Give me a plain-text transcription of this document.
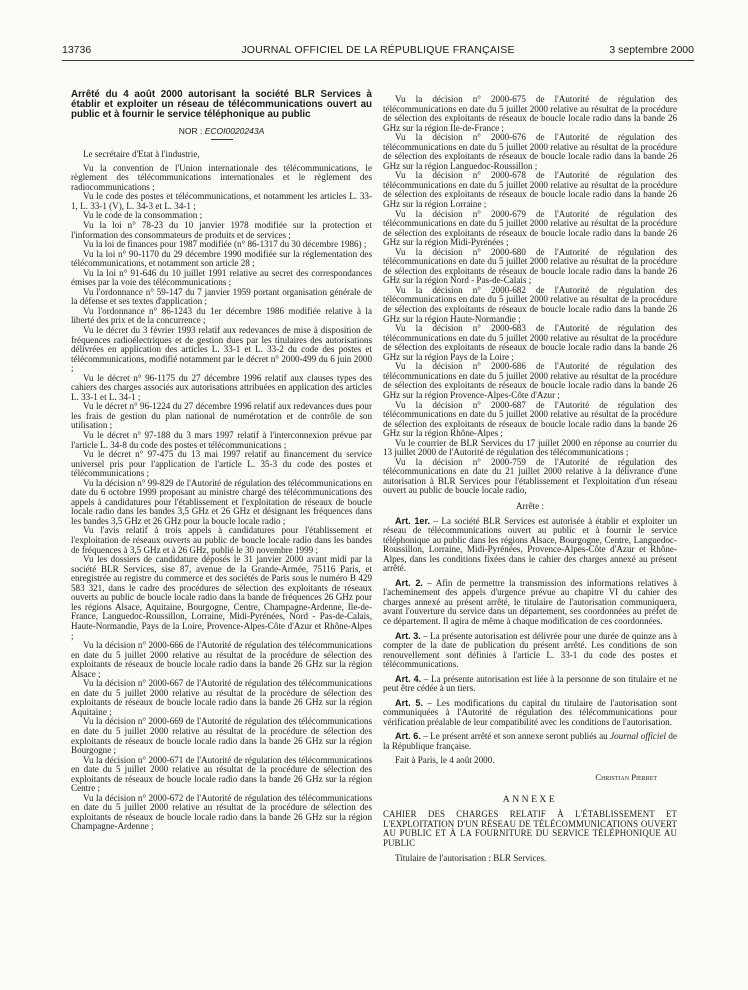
13736	JOURNAL OFFICIEL DE LA RÉPUBLIQUE FRANÇAISE	3 septembre 2000

Arrêté du 4 août 2000 autorisant la société BLR Services à établir et exploiter un réseau de télécommunications ouvert au public et à fournir le service téléphonique au public

NOR : ECOI0020243A

Le secrétaire d'Etat à l'industrie,

Vu la convention de l'Union internationale des télécommunications, le règlement des télécommunications internationales et le règlement des radiocommunications ;

Vu le code des postes et télécommunications, et notamment les articles L. 33-1, L. 33-1 (V), L. 34-3 et L. 34-1 ;

Vu le code de la consommation ;

Vu la loi n° 78-23 du 10 janvier 1978 modifiée sur la protection et l'information des consommateurs de produits et de services ;

Vu la loi de finances pour 1987 modifiée (n° 86-1317 du 30 décembre 1986) ;

Vu la loi n° 90-1170 du 29 décembre 1990 modifiée sur la réglementation des télécommunications, et notamment son article 28 ;

Vu la loi n° 91-646 du 10 juillet 1991 relative au secret des correspondances émises par la voie des télécommunications ;

Vu l'ordonnance n° 59-147 du 7 janvier 1959 portant organisation générale de la défense et ses textes d'application ;

Vu l'ordonnance n° 86-1243 du 1er décembre 1986 modifiée relative à la liberté des prix et de la concurrence ;

Vu le décret du 3 février 1993 relatif aux redevances de mise à disposition de fréquences radioélectriques et de gestion dues par les titulaires des autorisations délivrées en application des articles L. 33-1 et L. 33-2 du code des postes et télécommunications, modifié notamment par le décret n° 2000-499 du 6 juin 2000 ;

Vu le décret n° 96-1175 du 27 décembre 1996 relatif aux clauses types des cahiers des charges associés aux autorisations attribuées en application des articles L. 33-1 et L. 34-1 ;

Vu le décret n° 96-1224 du 27 décembre 1996 relatif aux redevances dues pour les frais de gestion du plan national de numérotation et de contrôle de son utilisation ;

Vu le décret n° 97-188 du 3 mars 1997 relatif à l'interconnexion prévue par l'article L. 34-8 du code des postes et télécommunications ;

Vu le décret n° 97-475 du 13 mai 1997 relatif au financement du service universel pris pour l'application de l'article L. 35-3 du code des postes et télécommunications ;

Vu la décision n° 99-829 de l'Autorité de régulation des télécommunications en date du 6 octobre 1999 proposant au ministre chargé des télécommunications des appels à candidatures pour l'établissement et l'exploitation de réseaux de boucle locale radio dans les bandes 3,5 GHz et 26 GHz et désignant les fréquences dans les bandes 3,5 GHz et 26 GHz pour la boucle locale radio ;

Vu l'avis relatif à trois appels à candidatures pour l'établissement et l'exploitation de réseaux ouverts au public de boucle locale radio dans les bandes de fréquences à 3,5 GHz et à 26 GHz, publié le 30 novembre 1999 ;

Vu les dossiers de candidature déposés le 31 janvier 2000 avant midi par la société BLR Services, sise 87, avenue de la Grande-Armée, 75116 Paris, et enregistrée au registre du commerce et des sociétés de Paris sous le numéro B 429 583 321, dans le cadre des procédures de sélection des exploitants de réseaux ouverts au public de boucle locale radio dans la bande de fréquences 26 GHz pour les régions Alsace, Aquitaine, Bourgogne, Centre, Champagne-Ardenne, Ile-de-France, Languedoc-Roussillon, Lorraine, Midi-Pyrénées, Nord - Pas-de-Calais, Haute-Normandie, Pays de la Loire, Provence-Alpes-Côte d'Azur et Rhône-Alpes ;

Vu la décision n° 2000-666 de l'Autorité de régulation des télécommunications en date du 5 juillet 2000 relative au résultat de la procédure de sélection des exploitants de réseaux de boucle locale radio dans la bande 26 GHz sur la région Alsace ;

Vu la décision n° 2000-667 de l'Autorité de régulation des télécommunications en date du 5 juillet 2000 relative au résultat de la procédure de sélection des exploitants de réseaux de boucle locale radio dans la bande 26 GHz sur la région Aquitaine ;

Vu la décision n° 2000-669 de l'Autorité de régulation des télécommunications en date du 5 juillet 2000 relative au résultat de la procédure de sélection des exploitants de réseaux de boucle locale radio dans la bande 26 GHz sur la région Bourgogne ;

Vu la décision n° 2000-671 de l'Autorité de régulation des télécommunications en date du 5 juillet 2000 relative au résultat de la procédure de sélection des exploitants de réseaux de boucle locale radio dans la bande 26 GHz sur la région Centre ;

Vu la décision n° 2000-672 de l'Autorité de régulation des télécommunications en date du 5 juillet 2000 relative au résultat de la procédure de sélection des exploitants de réseaux de boucle locale radio dans la bande 26 GHz sur la région Champagne-Ardenne ;

Vu la décision n° 2000-675 de l'Autorité de régulation des télécommunications en date du 5 juillet 2000 relative au résultat de la procédure de sélection des exploitants de réseaux de boucle locale radio dans la bande 26 GHz sur la région Ile-de-France ;

Vu la décision n° 2000-676 de l'Autorité de régulation des télécommunications en date du 5 juillet 2000 relative au résultat de la procédure de sélection des exploitants de réseaux de boucle locale radio dans la bande 26 GHz sur la région Languedoc-Roussillon ;

Vu la décision n° 2000-678 de l'Autorité de régulation des télécommunications en date du 5 juillet 2000 relative au résultat de la procédure de sélection des exploitants de réseaux de boucle locale radio dans la bande 26 GHz sur la région Lorraine ;

Vu la décision n° 2000-679 de l'Autorité de régulation des télécommunications en date du 5 juillet 2000 relative au résultat de la procédure de sélection des exploitants de réseaux de boucle locale radio dans la bande 26 GHz sur la région Midi-Pyrénées ;

Vu la décision n° 2000-680 de l'Autorité de régulation des télécommunications en date du 5 juillet 2000 relative au résultat de la procédure de sélection des exploitants de réseaux de boucle locale radio dans la bande 26 GHz sur la région Nord - Pas-de-Calais ;

Vu la décision n° 2000-682 de l'Autorité de régulation des télécommunications en date du 5 juillet 2000 relative au résultat de la procédure de sélection des exploitants de réseaux de boucle locale radio dans la bande 26 GHz sur la région Haute-Normandie ;

Vu la décision n° 2000-683 de l'Autorité de régulation des télécommunications en date du 5 juillet 2000 relative au résultat de la procédure de sélection des exploitants de réseaux de boucle locale radio dans la bande 26 GHz sur la région Pays de la Loire ;

Vu la décision n° 2000-686 de l'Autorité de régulation des télécommunications en date du 5 juillet 2000 relative au résultat de la procédure de sélection des exploitants de réseaux de boucle locale radio dans la bande 26 GHz sur la région Provence-Alpes-Côte d'Azur ;

Vu la décision n° 2000-687 de l'Autorité de régulation des télécommunications en date du 5 juillet 2000 relative au résultat de la procédure de sélection des exploitants de réseaux de boucle locale radio dans la bande 26 GHz sur la région Rhône-Alpes ;

Vu le courrier de BLR Services du 17 juillet 2000 en réponse au courrier du 13 juillet 2000 de l'Autorité de régulation des télécommunications ;

Vu la décision n° 2000-759 de l'Autorité de régulation des télécommunications en date du 21 juillet 2000 relative à la délivrance d'une autorisation à BLR Services pour l'établissement et l'exploitation d'un réseau ouvert au public de boucle locale radio,

Arrête :

Art. 1er. – La société BLR Services est autorisée à établir et exploiter un réseau de télécommunications ouvert au public et à fournir le service téléphonique au public dans les régions Alsace, Bourgogne, Centre, Languedoc-Roussillon, Lorraine, Midi-Pyrénées, Provence-Alpes-Côte d'Azur et Rhône-Alpes, dans les conditions fixées dans le cahier des charges annexé au présent arrêté.

Art. 2. – Afin de permettre la transmission des informations relatives à l'acheminement des appels d'urgence prévue au chapitre VI du cahier des charges annexé au présent arrêté, le titulaire de l'autorisation communiquera, avant l'ouverture du service dans un département, ses coordonnées au préfet de ce département. Il agira de même à chaque modification de ces coordonnées.

Art. 3. – La présente autorisation est délivrée pour une durée de quinze ans à compter de la date de publication du présent arrêté. Les conditions de son renouvellement sont définies à l'article L. 33-1 du code des postes et télécommunications.

Art. 4. – La présente autorisation est liée à la personne de son titulaire et ne peut être cédée à un tiers.

Art. 5. – Les modifications du capital du titulaire de l'autorisation sont communiquées à l'Autorité de régulation des télécommunications pour vérification préalable de leur compatibilité avec les conditions de l'autorisation.

Art. 6. – Le présent arrêté et son annexe seront publiés au Journal officiel de la République française.

Fait à Paris, le 4 août 2000.

Christian Pierret

ANNEXE

CAHIER DES CHARGES RELATIF À L'ÉTABLISSEMENT ET L'EXPLOITATION D'UN RÉSEAU DE TÉLÉCOMMUNICATIONS OUVERT AU PUBLIC ET À LA FOURNITURE DU SERVICE TÉLÉPHONIQUE AU PUBLIC

Titulaire de l'autorisation : BLR Services.
